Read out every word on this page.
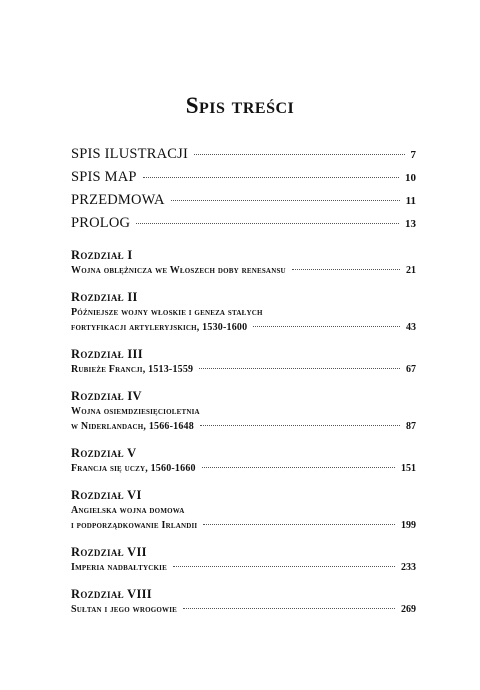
Spis treści
SPIS ILUSTRACJI	7
SPIS MAP	10
PRZEDMOWA	11
PROLOG	13
Rozdział I
Wojna oblężnicza we Włoszech doby renesansu	21
Rozdział II
Późniejsze wojny włoskie i geneza stałych
fortyfikacji artyleryjskich, 1530-1600	43
Rozdział III
Rubieże Francji, 1513-1559	67
Rozdział IV
Wojna osiemdziesięcioletnia
w Niderlandach, 1566-1648	87
Rozdział V
Francja się uczy, 1560-1660	151
Rozdział VI
Angielska wojna domowa
i podporządkowanie Irlandii	199
Rozdział VII
Imperia nadbałtyckie	233
Rozdział VIII
Sułtan i jego wrogowie	269
